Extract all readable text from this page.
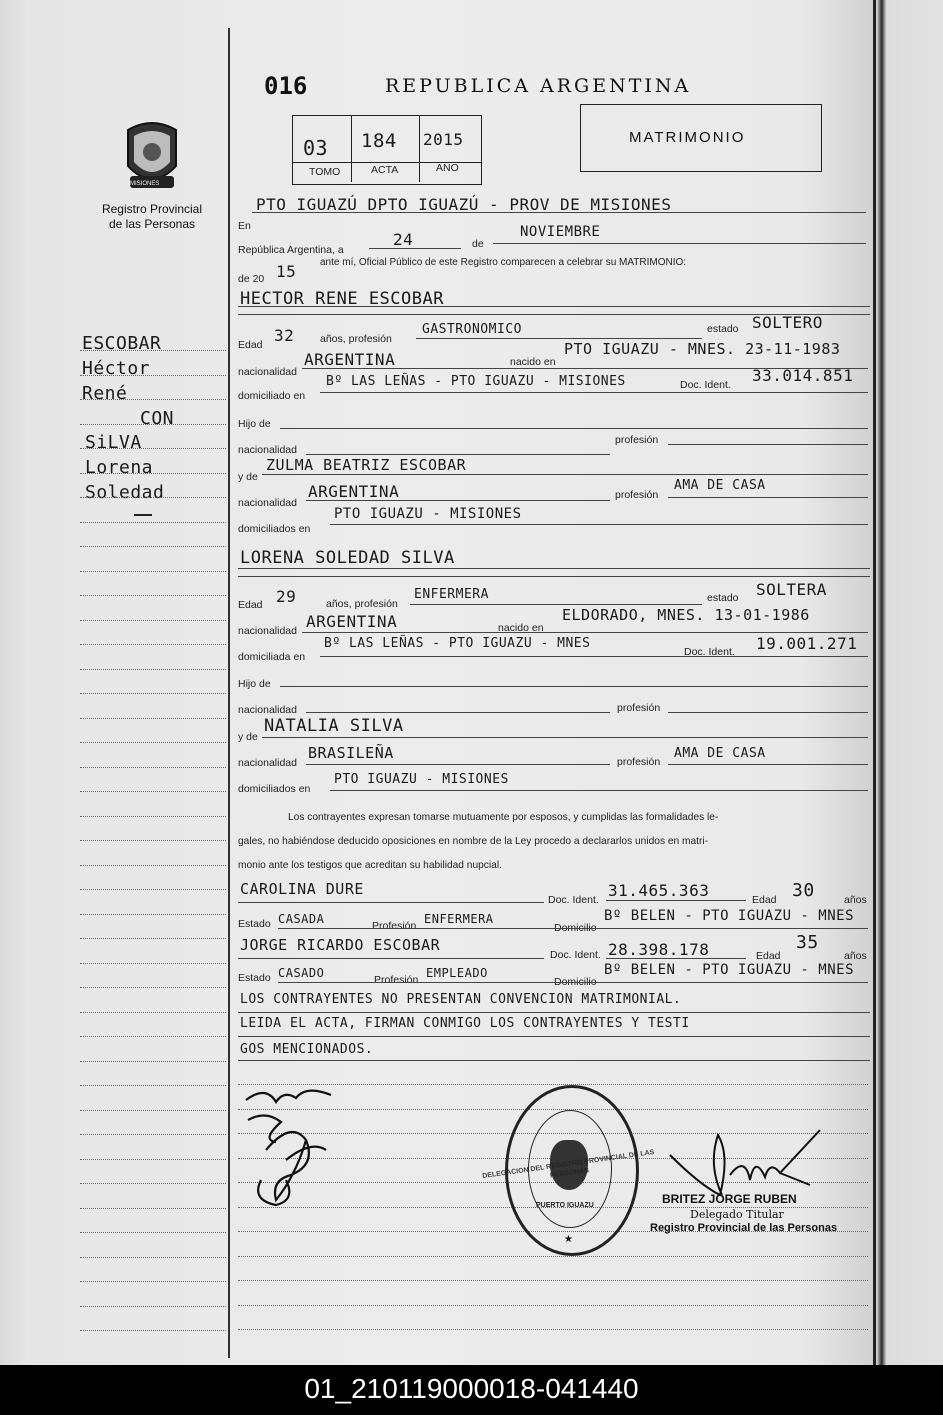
MISIONES
Registro Provincial
de las Personas
ESCOBAR
Héctor
René
CON
SiLVA
Lorena
Soledad
016	REPUBLICA ARGENTINA
03 184 2015
TOMO	ACTA	AÑO
MATRIMONIO
En
PTO IGUAZÚ DPTO IGUAZÚ - PROV DE MISIONES
República Argentina, a
24	de
NOVIEMBRE
de 20 15 ante mí, Oficial Público de este Registro comparecen a celebrar su MATRIMONIO:
HECTOR RENE ESCOBAR
Edad 32 años, profesión
GASTRONOMICO	estado SOLTERO
nacionalidad
ARGENTINA	nacido en
PTO IGUAZU - MNES. 23-11-1983
domiciliado en
Bº LAS LEÑAS - PTO IGUAZU - MISIONES	Doc. Ident. 33.014.851
Hijo de
nacionalidad
profesión
y de
ZULMA BEATRIZ ESCOBAR
nacionalidad
ARGENTINA	profesión
AMA DE CASA
domiciliados en
PTO IGUAZU - MISIONES
LORENA SOLEDAD SILVA
Edad 29	años, profesión
ENFERMERA	estado SOLTERA
nacionalidad ARGENTINA	nacido en
ELDORADO, MNES. 13-01-1986
domiciliada en
Bº LAS LEÑAS - PTO IGUAZU - MNES
Doc. Ident. 19.001.271
Hijo de
nacionalidad	profesión
y de
NATALIA SILVA
nacionalidad
BRASILEÑA	profesión
AMA DE CASA
domiciliados en
PTO IGUAZU - MISIONES
Los contrayentes expresan tomarse mutuamente por esposos, y cumplidas las formalidades le-
gales, no habiéndose deducido oposiciones en nombre de la Ley procedo a declararlos unidos en matri-
monio ante los testigos que acreditan su habilidad nupcial.
CAROLINA DURE
Doc. Ident. 31.465.363	Edad 30	años
Estado CASADA	Profesión ENFERMERA
Domicilio
Bº BELEN - PTO IGUAZU - MNES
JORGE RICARDO ESCOBAR
Doc. Ident. 28.398.178	Edad
35
años
Estado CASADO	Profesión EMPLEADO
Domicilio
Bº BELEN - PTO IGUAZU - MNES
LOS CONTRAYENTES NO PRESENTAN CONVENCION MATRIMONIAL.
LEIDA EL ACTA, FIRMAN CONMIGO LOS CONTRAYENTES Y TESTI
GOS MENCIONADOS.
DELEGACION DEL REGISTRO PROVINCIAL DE LAS PERSONAS
PUERTO IGUAZU
★
BRITEZ JORGE RUBEN
Delegado Titular
Registro Provincial de las Personas
01_210119000018-041440
